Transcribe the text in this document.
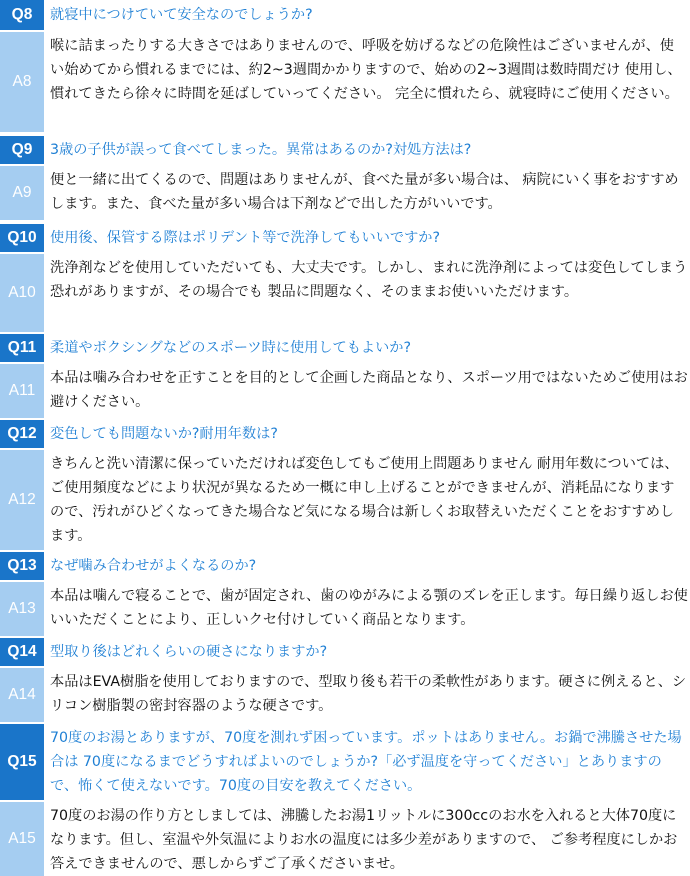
Q8	就寝中につけていて安全なのでしょうか?
A8
喉に詰まったりする大きさではありませんので、呼吸を妨げるなどの危険性はございませんが、使い始めてから慣れるまでには、約2~3週間かかりますので、始めの2~3週間は数時間だけ 使用し、慣れてきたら徐々に時間を延ばしていってください。 完全に慣れたら、就寝時にご使用ください。
Q9	3歳の子供が誤って食べてしまった。異常はあるのか?対処方法は?
A9
便と一緒に出てくるので、問題はありませんが、食べた量が多い場合は、 病院にいく事をおすすめします。また、食べた量が多い場合は下剤などで出した方がいいです。
Q10 使用後、保管する際はポリデント等で洗浄してもいいですか?
A10
洗浄剤などを使用していただいても、大丈夫です。しかし、まれに洗浄剤によっては変色してしまう恐れがありますが、その場合でも 製品に問題なく、そのままお使いいただけます。
Q11 柔道やボクシングなどのスポーツ時に使用してもよいか?
A11
本品は噛み合わせを正すことを目的として企画した商品となり、スポーツ用ではないためご使用はお避けください。
Q12 変色しても問題ないか?耐用年数は?
A12
きちんと洗い清潔に保っていただければ変色してもご使用上問題ありません 耐用年数については、ご使用頻度などにより状況が異なるため一概に申し上げることができませんが、消耗品になりますので、汚れがひどくなってきた場合など気になる場合は新しくお取替えいただくことをおすすめします。
Q13 なぜ噛み合わせがよくなるのか?
A13
本品は噛んで寝ることで、歯が固定され、歯のゆがみによる顎のズレを正します。毎日繰り返しお使いいただくことにより、正しいクセ付けしていく商品となります。
Q14 型取り後はどれくらいの硬さになりますか?
A14
本品はEVA樹脂を使用しておりますので、型取り後も若干の柔軟性があります。硬さに例えると、シリコン樹脂製の密封容器のような硬さです。
Q15
70度のお湯とありますが、70度を測れず困っています。ポットはありません。お鍋で沸騰させた場合は 70度になるまでどうすればよいのでしょうか?「必ず温度を守ってください」とありますので、怖くて使えないです。70度の目安を教えてください。
A15
70度のお湯の作り方としましては、沸騰したお湯1リットルに300ccのお水を入れると大体70度になります。但し、室温や外気温によりお水の温度には多少差がありますので、 ご参考程度にしかお答えできませんので、悪しからずご了承くださいませ。
